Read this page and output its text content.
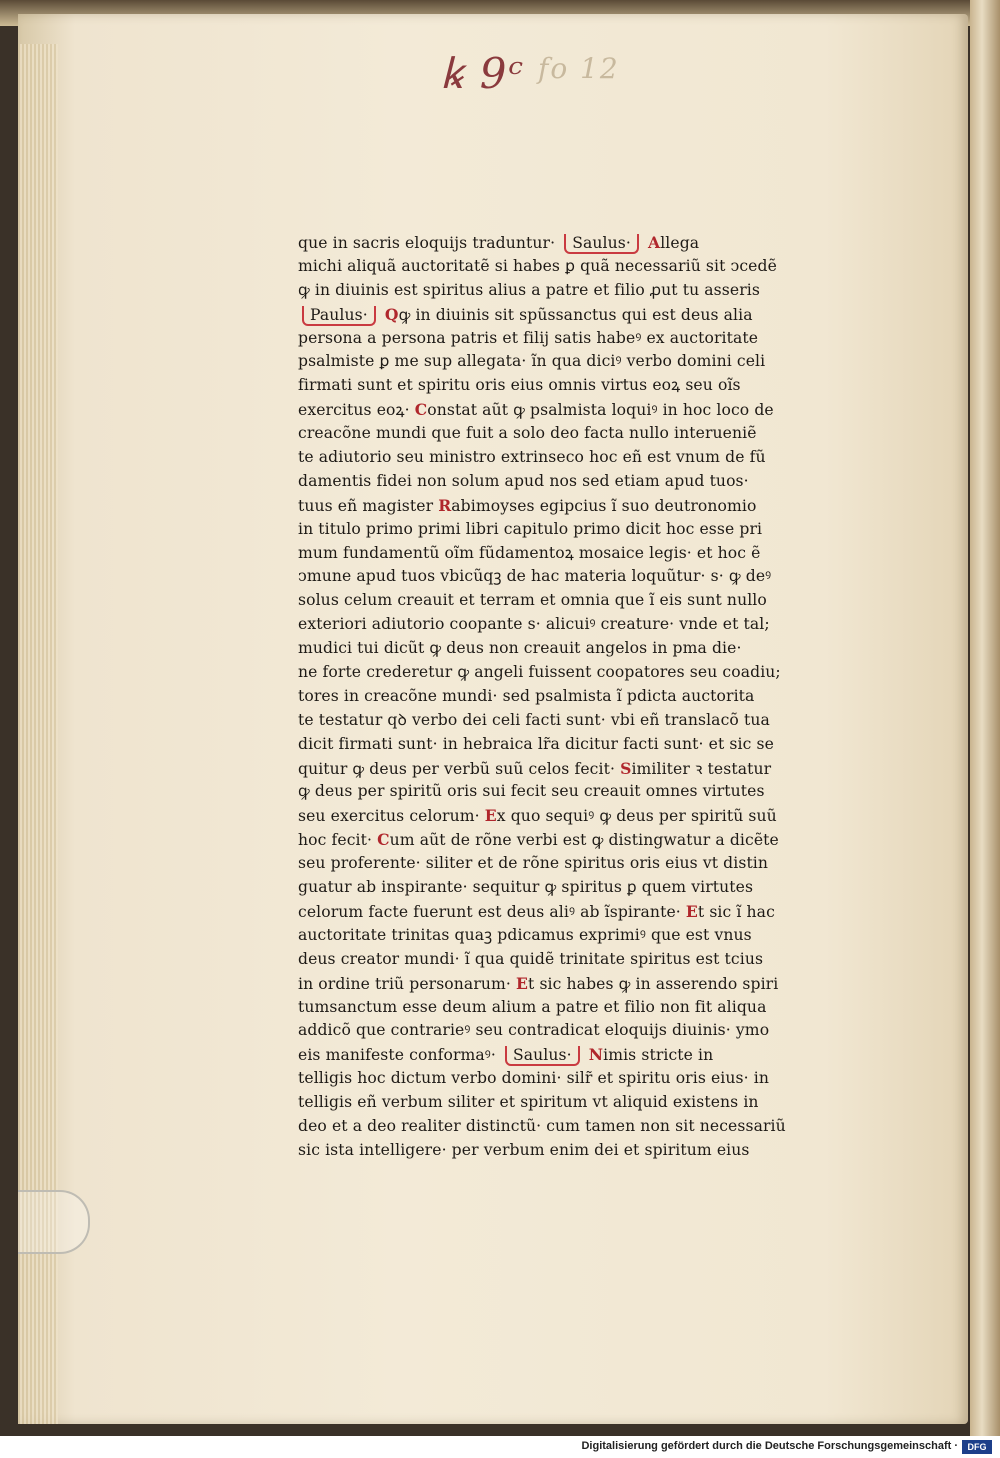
ꝃ 9ᶜ fo 12
que in sacris eloquijs traduntur· Saulus· Allega
michi aliquã auctoritatẽ si habes ꝑ quã necessariũ sit ↄcedẽ
ꝙ in diuinis est spiritus alius a patre et filio ꝓut tu asseris
Paulus· Qꝙ in diuinis sit spũssanctus qui est deus alia
persona a persona patris et filij satis habeꝰ ex auctoritate
psalmiste ꝑ me sup allegata· ĩn qua diciꝰ verbo domini celi
firmati sunt et spiritu oris eius omnis virtus eoꝝ seu oĩs
exercitus eoꝝ· Constat aũt ꝙ psalmista loquiꝰ in hoc loco de
creacõne mundi que fuit a solo deo facta nullo interueniẽ
te adiutorio seu ministro extrinseco hoc eñ est vnum de fũ
damentis fidei non solum apud nos sed etiam apud tuos·
tuus eñ magister Rabimoyses egipcius ĩ suo deutronomio
in titulo primo primi libri capitulo primo dicit hoc esse pri
mum fundamentũ oĩm fũdamentoꝝ mosaice legis· et hoc ẽ
ↄmune apud tuos vbicũqꝫ de hac materia loquũtur· s· ꝙ deꝰ
solus celum creauit et terram et omnia que ĩ eis sunt nullo
exteriori adiutorio coopante s· alicuiꝰ creature· vnde et tal;
mudici tui dicũt ꝙ deus non creauit angelos in pma die·
ne forte crederetur ꝙ angeli fuissent coopatores seu coadiu;
tores in creacõne mundi· sed psalmista ĩ pdicta auctorita
te testatur qꝺ verbo dei celi facti sunt· vbi eñ translacõ tua
dicit firmati sunt· in hebraica lr̃a dicitur facti sunt· et sic se
quitur ꝙ deus per verbũ suũ celos fecit· Similiter ꝛ testatur
ꝙ deus per spiritũ oris sui fecit seu creauit omnes virtutes
seu exercitus celorum· Ex quo sequiꝰ ꝙ deus per spiritũ suũ
hoc fecit· Cum aũt de rõne verbi est ꝙ distingwatur a dicẽte
seu proferente· siliter et de rõne spiritus oris eius vt distin
guatur ab inspirante· sequitur ꝙ spiritus ꝑ quem virtutes
celorum facte fuerunt est deus aliꝰ ab ĩspirante· Et sic ĩ hac
auctoritate trinitas quaꝫ pdicamus exprimiꝰ que est vnus
deus creator mundi· ĩ qua quidẽ trinitate spiritus est tcius
in ordine triũ personarum· Et sic habes ꝙ in asserendo spiri
tumsanctum esse deum alium a patre et filio non fit aliqua
addicõ que contrarieꝰ seu contradicat eloquijs diuinis· ymo
eis manifeste conformaꝰ· Saulus· Nimis stricte in
telligis hoc dictum verbo domini· silr̃ et spiritu oris eius· in
telligis eñ verbum siliter et spiritum vt aliquid existens in
deo et a deo realiter distinctũ· cum tamen non sit necessariũ
sic ista intelligere· per verbum enim dei et spiritum eius
Digitalisierung gefördert durch die Deutsche Forschungsgemeinschaft ·	DFG
